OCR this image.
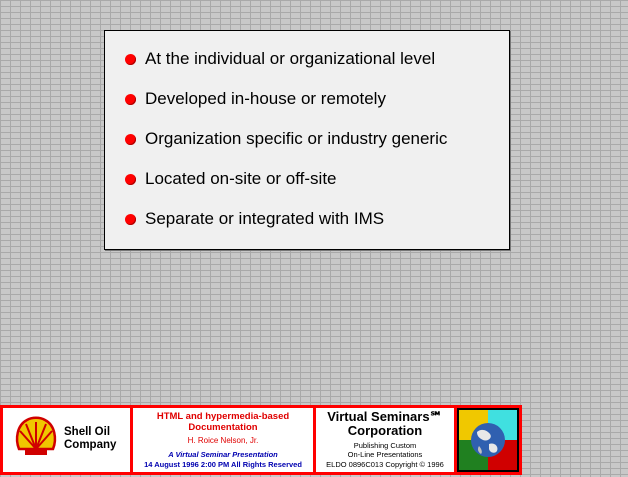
At the individual or organizational level
Developed in-house or remotely
Organization specific or industry generic
Located on-site or off-site
Separate or integrated with IMS
Shell Oil
Company
HTML and hypermedia-based
Documentation
H. Roice Nelson, Jr.
A Virtual Seminar Presentation
14 August 1996 2:00 PM All Rights Reserved
Virtual Seminars℠
Corporation
Publishing Custom
On-Line Presentations
ELDO 0896C013 Copyright © 1996
